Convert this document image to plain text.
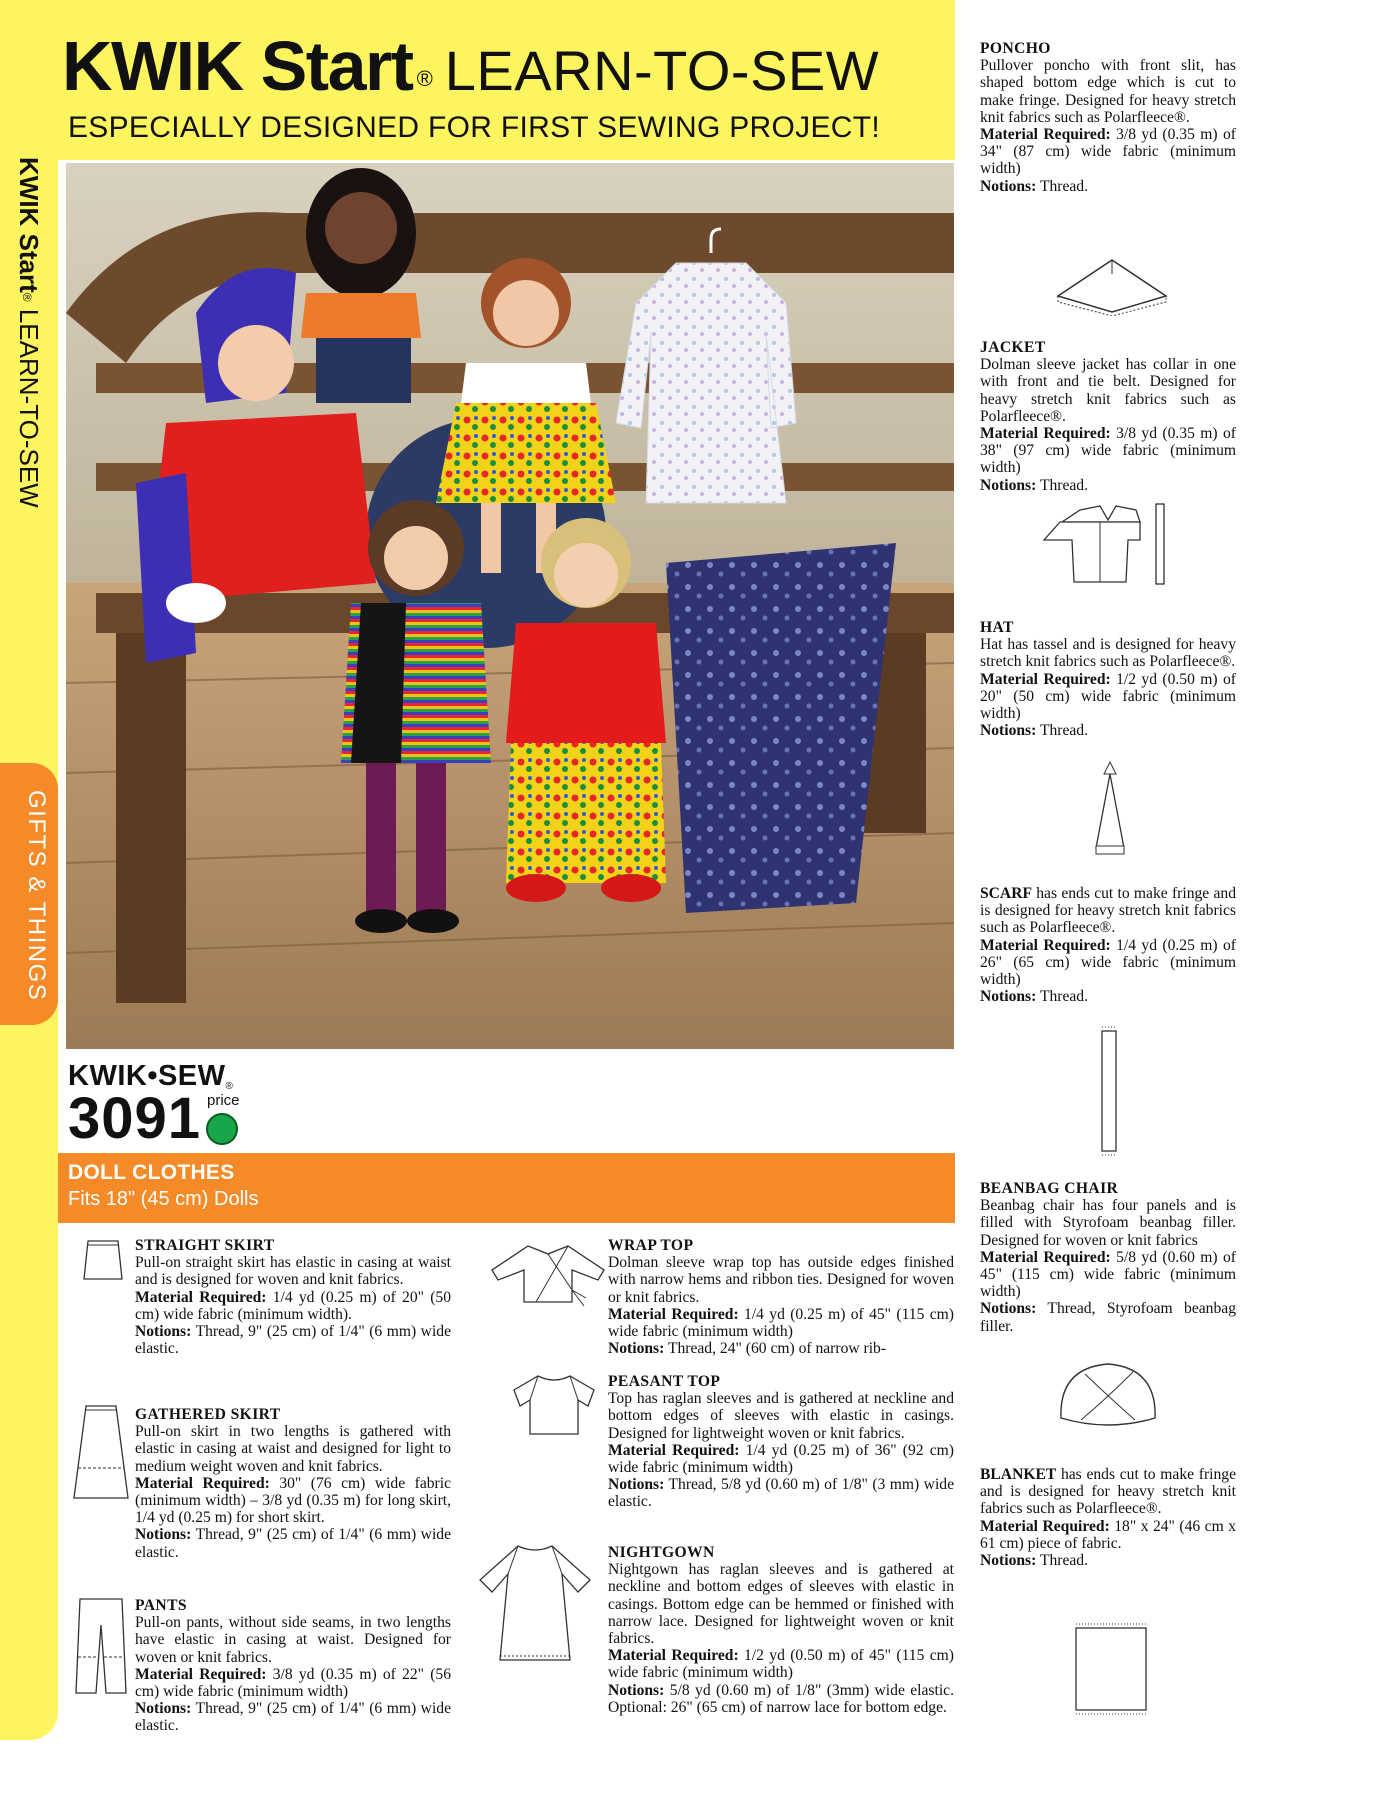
KWIK Start® LEARN-TO-SEW
GIFTS & THINGS
KWIK Start ® LEARN-TO-SEW
ESPECIALLY DESIGNED FOR FIRST SEWING PROJECT!
KWIK•SEW®
3091 price
DOLL CLOTHES
Fits 18" (45 cm) Dolls
PONCHO

Pullover poncho with front slit, has shaped bottom edge which is cut to make fringe. Designed for heavy stretch knit fabrics such as Polarfleece®.

Material Required: 3/8 yd (0.35 m) of 34" (87 cm) wide fabric (minimum width)

Notions: Thread.

JACKET

Dolman sleeve jacket has collar in one with front and tie belt. Designed for heavy stretch knit fabrics such as Polarfleece®.

Material Required: 3/8 yd (0.35 m) of 38" (97 cm) wide fabric (minimum width)

Notions: Thread.

HAT

Hat has tassel and is designed for heavy stretch knit fabrics such as Polarfleece®.

Material Required: 1/2 yd (0.50 m) of 20" (50 cm) wide fabric (minimum width)

Notions: Thread.

SCARF has ends cut to make fringe and is designed for heavy stretch knit fabrics such as Polarfleece®.

Material Required: 1/4 yd (0.25 m) of 26" (65 cm) wide fabric (minimum width)

Notions: Thread.

BEANBAG CHAIR

Beanbag chair has four panels and is filled with Styrofoam beanbag filler. Designed for woven or knit fabrics

Material Required: 5/8 yd (0.60 m) of 45" (115 cm) wide fabric (minimum width)

Notions: Thread, Styrofoam beanbag filler.

BLANKET has ends cut to make fringe and is designed for heavy stretch knit fabrics such as Polarfleece®.

Material Required: 18" x 24" (46 cm x 61 cm) piece of fabric.

Notions: Thread.

STRAIGHT SKIRT

Pull-on straight skirt has elastic in casing at waist and is designed for woven and knit fabrics.

Material Required: 1/4 yd (0.25 m) of 20" (50 cm) wide fabric (minimum width).

Notions: Thread, 9" (25 cm) of 1/4" (6 mm) wide elastic.

GATHERED SKIRT

Pull-on skirt in two lengths is gathered with elastic in casing at waist and designed for light to medium weight woven and knit fabrics.

Material Required: 30" (76 cm) wide fabric (minimum width) – 3/8 yd (0.35 m) for long skirt, 1/4 yd (0.25 m) for short skirt.

Notions: Thread, 9" (25 cm) of 1/4" (6 mm) wide elastic.

PANTS

Pull-on pants, without side seams, in two lengths have elastic in casing at waist. Designed for woven or knit fabrics.

Material Required: 3/8 yd (0.35 m) of 22" (56 cm) wide fabric (minimum width)

Notions: Thread, 9" (25 cm) of 1/4" (6 mm) wide elastic.

WRAP TOP

Dolman sleeve wrap top has outside edges finished with narrow hems and ribbon ties. Designed for woven or knit fabrics.

Material Required: 1/4 yd (0.25 m) of 45" (115 cm) wide fabric (minimum width)

Notions: Thread, 24" (60 cm) of narrow rib-

PEASANT TOP

Top has raglan sleeves and is gathered at neckline and bottom edges of sleeves with elastic in casings. Designed for lightweight woven or knit fabrics.

Material Required: 1/4 yd (0.25 m) of 36" (92 cm) wide fabric (minimum width)

Notions: Thread, 5/8 yd (0.60 m) of 1/8" (3 mm) wide elastic.

NIGHTGOWN

Nightgown has raglan sleeves and is gathered at neckline and bottom edges of sleeves with elastic in casings. Bottom edge can be hemmed or finished with narrow lace. Designed for lightweight woven or knit fabrics.

Material Required: 1/2 yd (0.50 m) of 45" (115 cm) wide fabric (minimum width)

Notions: 5/8 yd (0.60 m) of 1/8" (3mm) wide elastic. Optional: 26" (65 cm) of narrow lace for bottom edge.
